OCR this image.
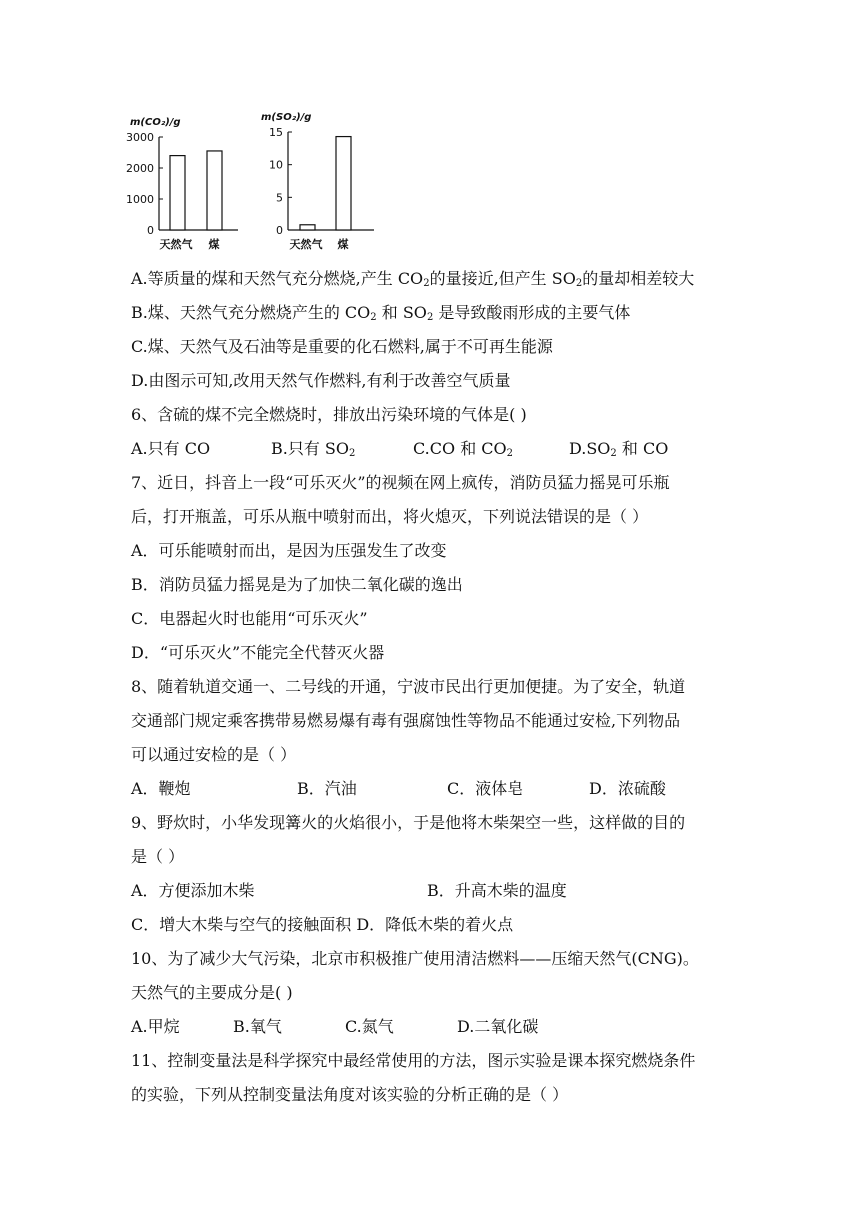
m(CO₂)/g
3000
2000
1000
0
天然气 煤
m(SO₂)/g
15
10
5
0
天然气 煤
A.等质量的煤和天然气充分燃烧,产生 $CO_2$的量接近,但产生 $SO_2$的量却相差较大
B.煤、天然气充分燃烧产生的 $CO_2$ 和 $SO_2$ 是导致酸雨形成的主要气体
C.煤、天然气及石油等是重要的化石燃料,属于不可再生能源
D.由图示可知,改用天然气作燃料,有利于改善空气质量
6、含硫的煤不完全燃烧时，排放出污染环境的气体是( )
A.只有 CO	B.只有 $SO_2$	C.CO 和 $CO_2$	$D.SO_2$ 和 CO
7、近日，抖音上一段“可乐灭火”的视频在网上疯传，消防员猛力摇晃可乐瓶
后，打开瓶盖，可乐从瓶中喷射而出，将火熄灭，下列说法错误的是（ ）
A．可乐能喷射而出，是因为压强发生了改变
B．消防员猛力摇晃是为了加快二氧化碳的逸出
C．电器起火时也能用“可乐灭火”
D．“可乐灭火”不能完全代替灭火器
8、随着轨道交通一、二号线的开通，宁波市民出行更加便捷。为了安全，轨道
交通部门规定乘客携带易燃易爆有毒有强腐蚀性等物品不能通过安检,下列物品
可以通过安检的是（ ）
A．鞭炮	B．汽油	C．液体皂	D．浓硫酸
9、野炊时，小华发现篝火的火焰很小，于是他将木柴架空一些，这样做的目的
是（ ）
A．方便添加木柴	B．升高木柴的温度
C．增大木柴与空气的接触面积 D．降低木柴的着火点
10、为了减少大气污染，北京市积极推广使用清洁燃料——压缩天然气(CNG)。
天然气的主要成分是( )
A.甲烷	B.氧气	C.氮气	D.二氧化碳
11、控制变量法是科学探究中最经常使用的方法，图示实验是课本探究燃烧条件
的实验，下列从控制变量法角度对该实验的分析正确的是（ ）
